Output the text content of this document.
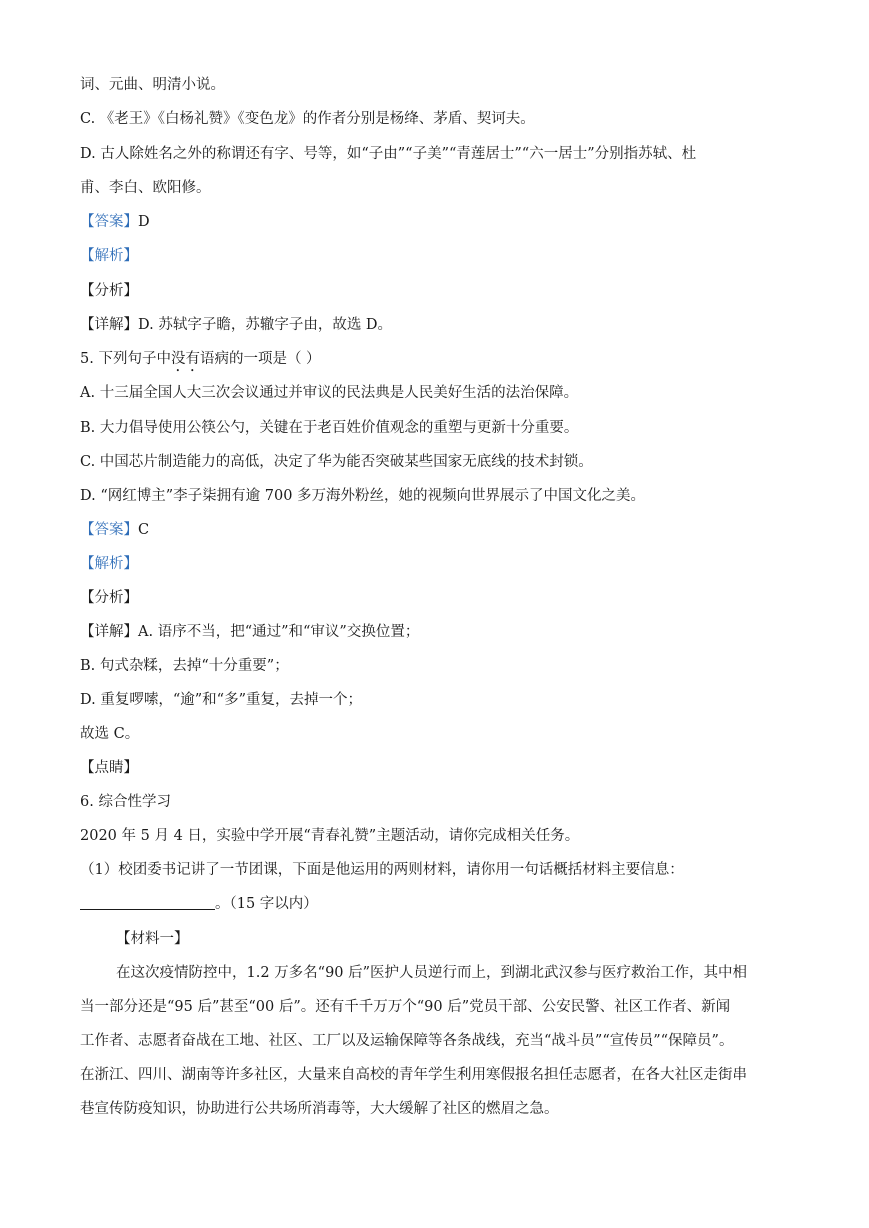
词、元曲、明清小说。
C. 《老王》《白杨礼赞》《变色龙》的作者分别是杨绛、茅盾、契诃夫。
D. 古人除姓名之外的称谓还有字、号等，如“子由”“子美”“青莲居士”“六一居士”分别指苏轼、杜
甫、李白、欧阳修。
【答案】D
【解析】
【分析】
【详解】D. 苏轼字子瞻，苏辙字子由，故选 D。
5. 下列句子中没有语病的一项是（ ）
A. 十三届全国人大三次会议通过并审议的民法典是人民美好生活的法治保障。
B. 大力倡导使用公筷公勺，关键在于老百姓价值观念的重塑与更新十分重要。
C. 中国芯片制造能力的高低，决定了华为能否突破某些国家无底线的技术封锁。
D. “网红博主”李子柒拥有逾 700 多万海外粉丝，她的视频向世界展示了中国文化之美。
【答案】C
【解析】
【分析】
【详解】A. 语序不当，把“通过”和“审议”交换位置；
B. 句式杂糅，去掉“十分重要”；
D. 重复啰嗦，“逾”和“多”重复，去掉一个；
故选 C。
【点睛】
6. 综合性学习
2020 年 5 月 4 日，实验中学开展“青春礼赞”主题活动，请你完成相关任务。
（1）校团委书记讲了一节团课，下面是他运用的两则材料，请你用一句话概括材料主要信息：
。（15 字以内）
【材料一】
在这次疫情防控中，1.2 万多名“90 后”医护人员逆行而上，到湖北武汉参与医疗救治工作，其中相
当一部分还是“95 后”甚至“00 后”。还有千千万万个“90 后”党员干部、公安民警、社区工作者、新闻
工作者、志愿者奋战在工地、社区、工厂以及运输保障等各条战线，充当“战斗员”“宣传员”“保障员”。
在浙江、四川、湖南等许多社区，大量来自高校的青年学生利用寒假报名担任志愿者，在各大社区走街串
巷宣传防疫知识，协助进行公共场所消毒等，大大缓解了社区的燃眉之急。
